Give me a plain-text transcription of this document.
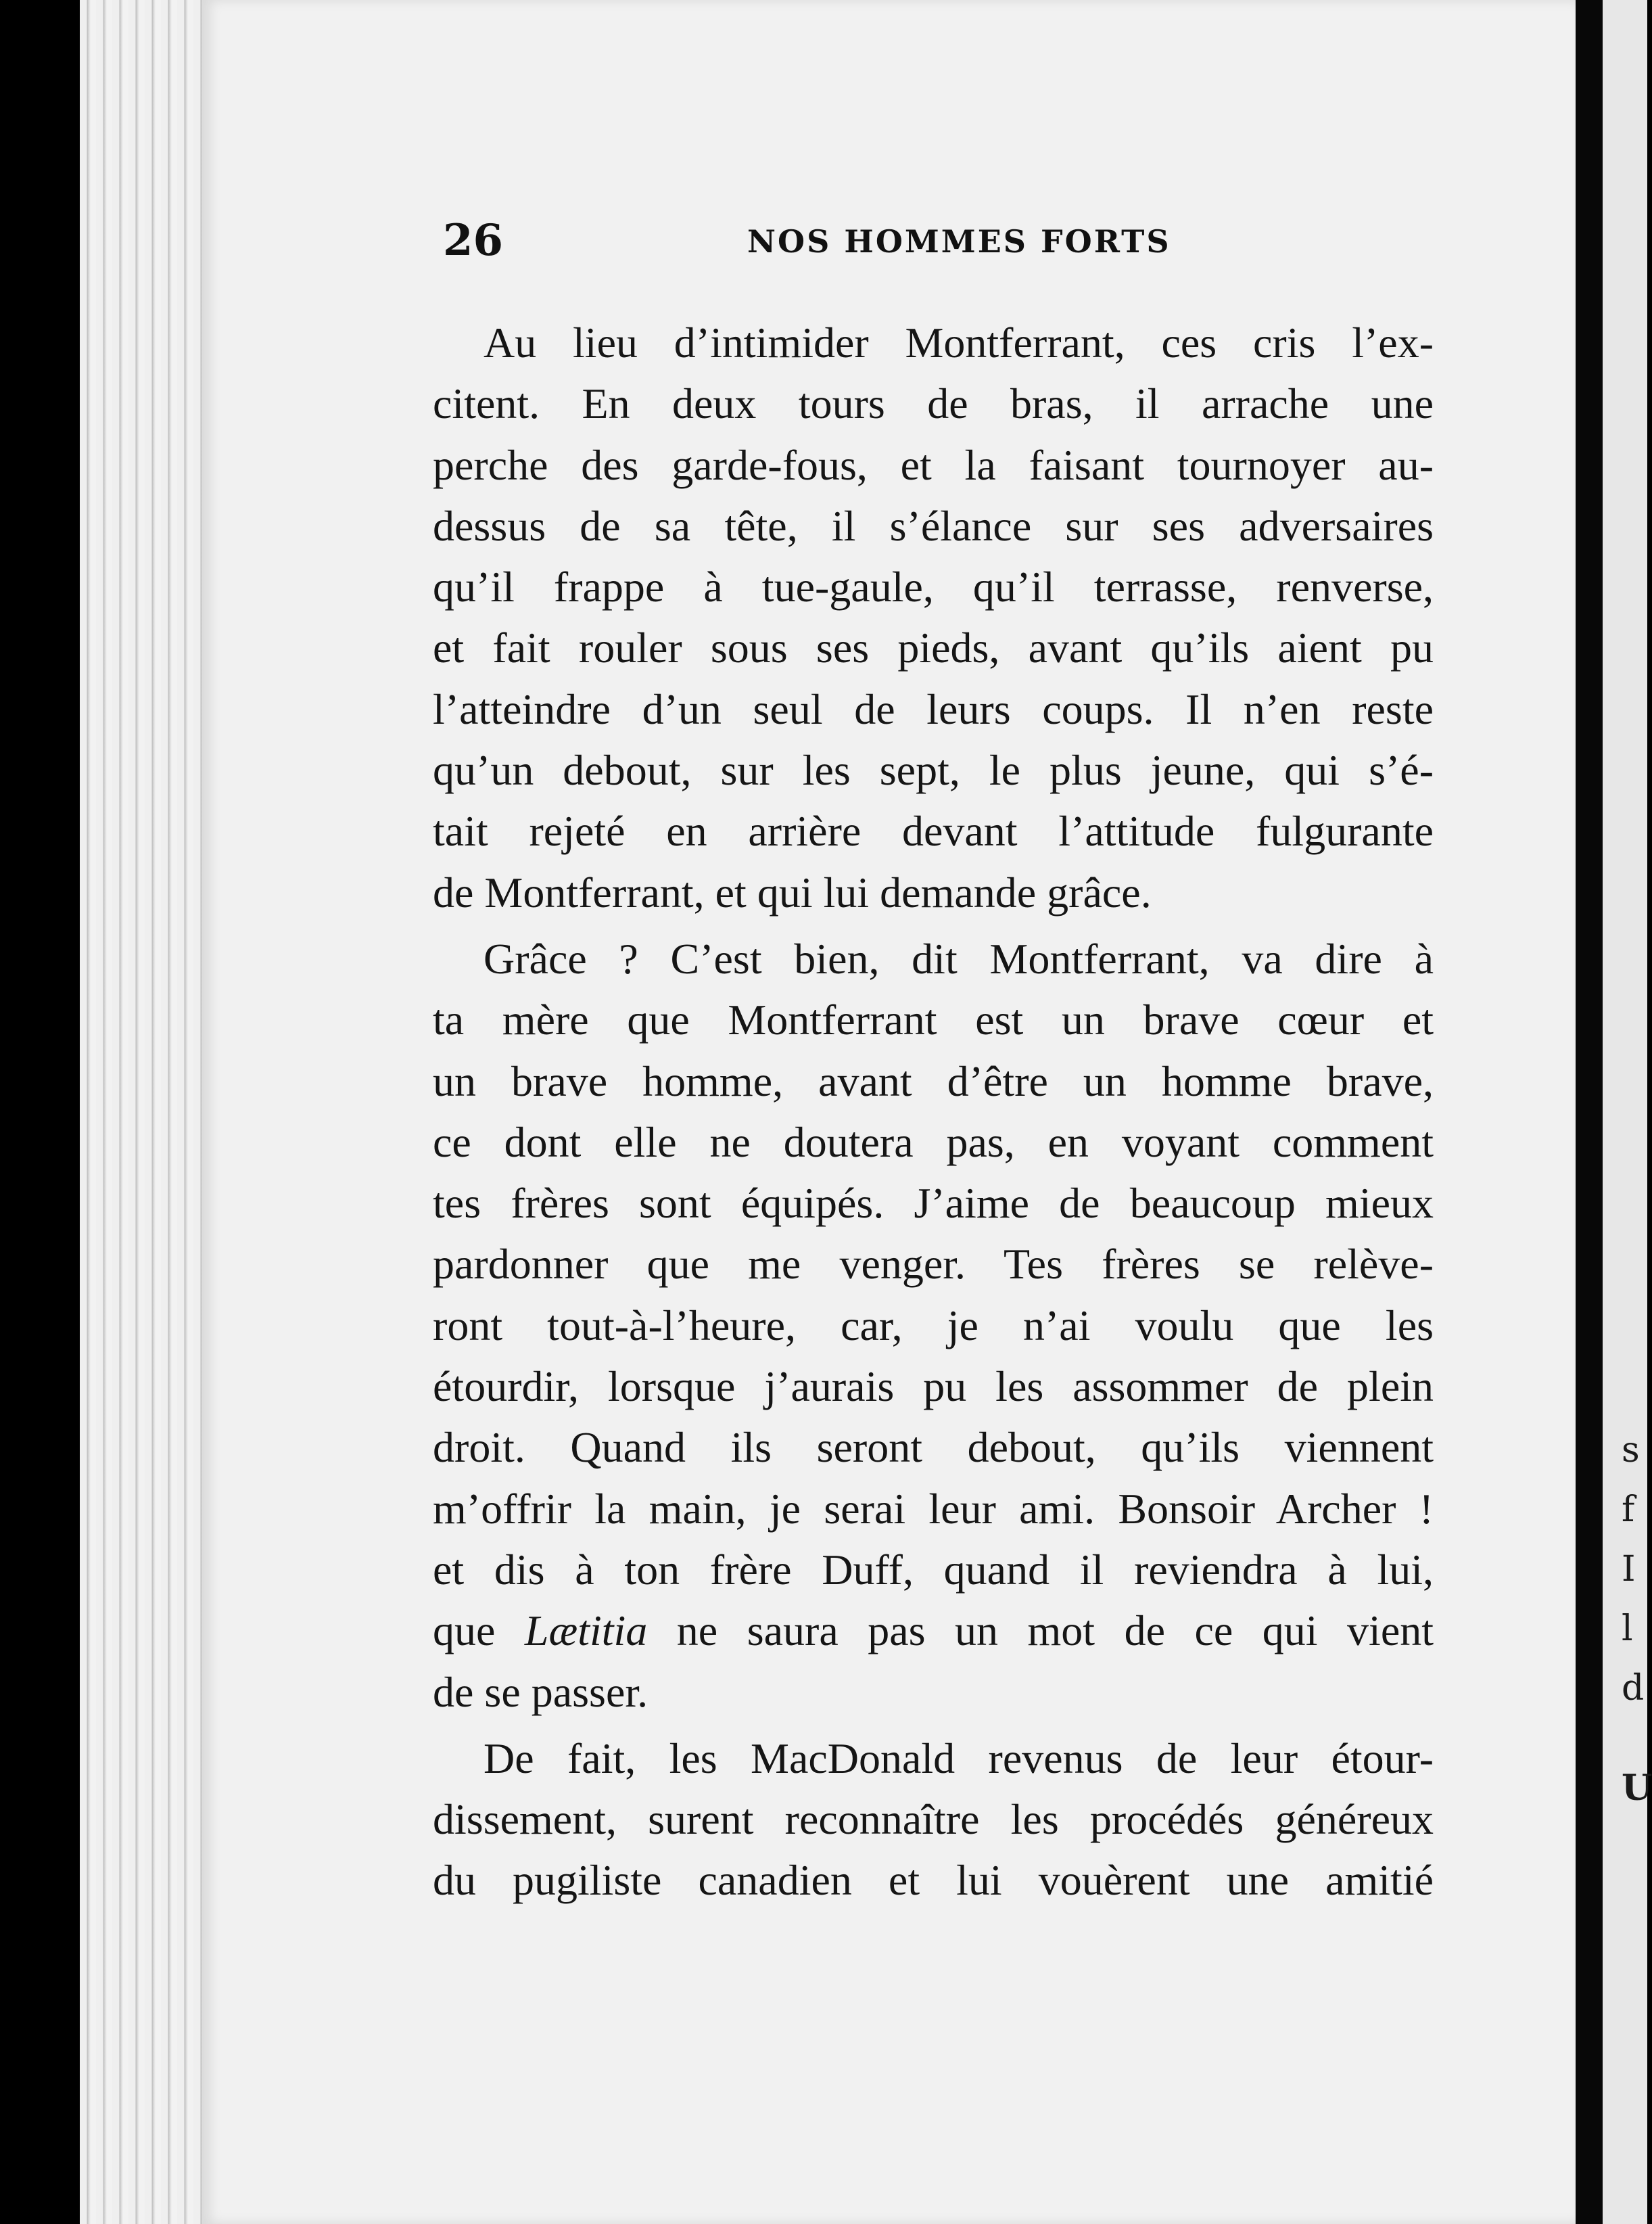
26	NOS HOMMES FORTS
Au lieu d’intimider Montferrant, ces cris l’ex-
citent. En deux tours de bras, il arrache une
perche des garde-fous, et la faisant tournoyer au-
dessus de sa tête, il s’élance sur ses adversaires
qu’il frappe à tue-gaule, qu’il terrasse, renverse,
et fait rouler sous ses pieds, avant qu’ils aient pu
l’atteindre d’un seul de leurs coups. Il n’en reste
qu’un debout, sur les sept, le plus jeune, qui s’é-
tait rejeté en arrière devant l’attitude fulgurante
de Montferrant, et qui lui demande grâce.
Grâce ? C’est bien, dit Montferrant, va dire à
ta mère que Montferrant est un brave cœur et
un brave homme, avant d’être un homme brave,
ce dont elle ne doutera pas, en voyant comment
tes frères sont équipés. J’aime de beaucoup mieux
pardonner que me venger. Tes frères se relève-
ront tout-à-l’heure, car, je n’ai voulu que les
étourdir, lorsque j’aurais pu les assommer de plein
droit. Quand ils seront debout, qu’ils viennent
m’offrir la main, je serai leur ami. Bonsoir Archer !
et dis à ton frère Duff, quand il reviendra à lui,
que Lætitia ne saura pas un mot de ce qui vient
de se passer.
De fait, les MacDonald revenus de leur étour-
dissement, surent reconnaître les procédés généreux
du pugiliste canadien et lui vouèrent une amitié
s
f
I
l
d
U
